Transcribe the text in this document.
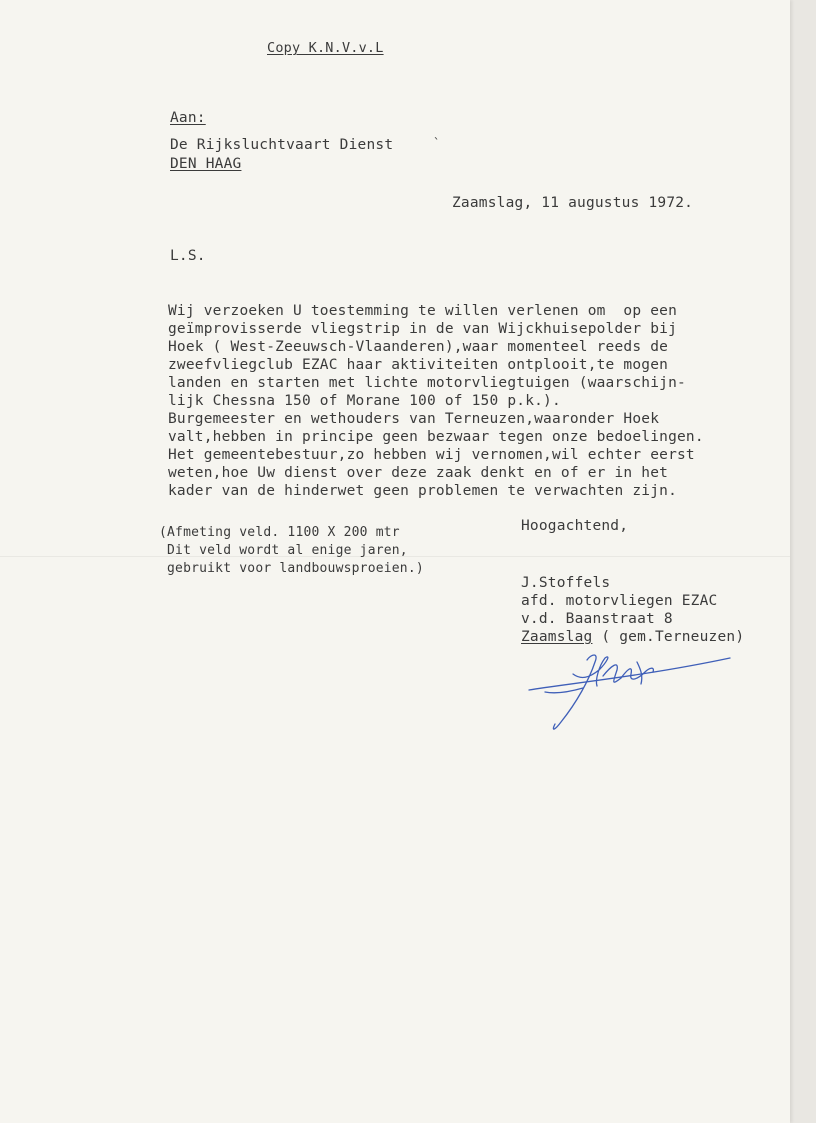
Copy K.N.V.v.L
Aan:
De Rijksluchtvaart Dienst	`
DEN HAAG
Zaamslag, 11 augustus 1972.
L.S.
Wij verzoeken U toestemming te willen verlenen om  op een
geïmprovisserde vliegstrip in de van Wijckhuisepolder bij
Hoek ( West-Zeeuwsch-Vlaanderen),waar momenteel reeds de
zweefvliegclub EZAC haar aktiviteiten ontplooit,te mogen
landen en starten met lichte motorvliegtuigen (waarschijn-
lijk Chessna 150 of Morane 100 of 150 p.k.).
Burgemeester en wethouders van Terneuzen,waaronder Hoek
valt,hebben in principe geen bezwaar tegen onze bedoelingen.
Het gemeentebestuur,zo hebben wij vernomen,wil echter eerst
weten,hoe Uw dienst over deze zaak denkt en of er in het
kader van de hinderwet geen problemen te verwachten zijn.
Hoogachtend,
(Afmeting veld. 1100 X 200 mtr
Dit veld wordt al enige jaren,
gebruikt voor landbouwsproeien.)
J.Stoffels
afd. motorvliegen EZAC
v.d. Baanstraat 8
Zaamslag ( gem.Terneuzen)
